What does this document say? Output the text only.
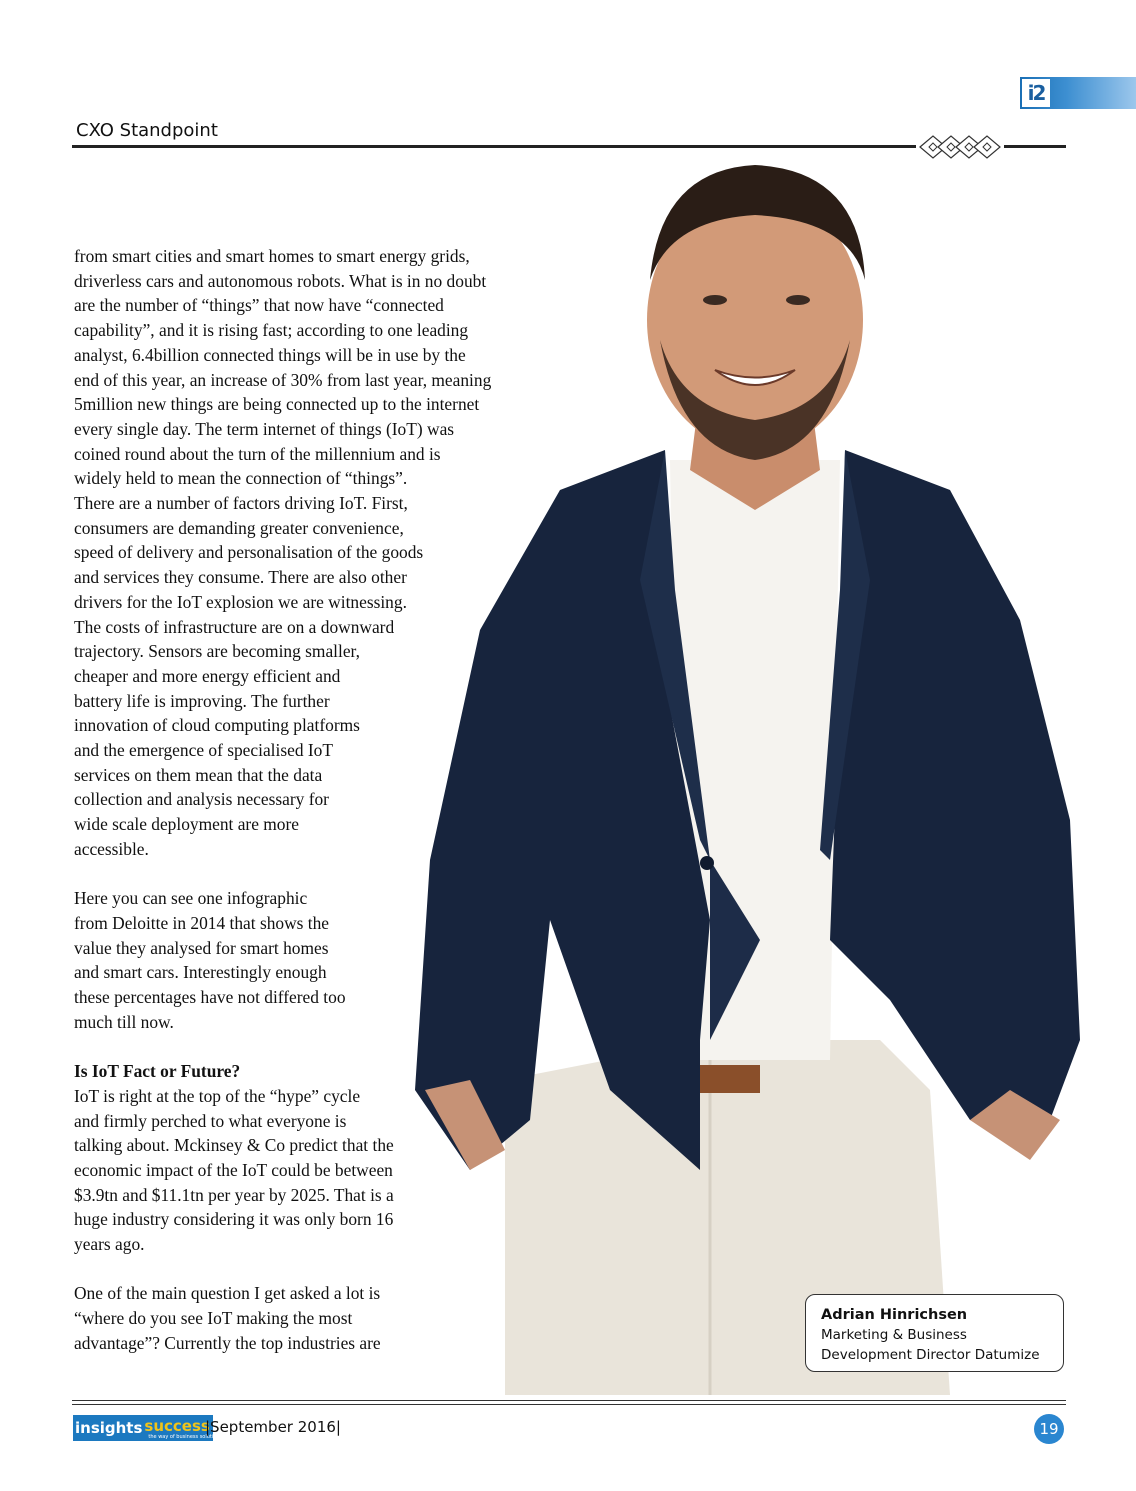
i2
CXO Standpoint

from smart cities and smart homes to smart energy grids,

driverless cars and autonomous robots. What is in no doubt

are the number of “things” that now have “connected

capability”, and it is rising fast; according to one leading

analyst, 6.4billion connected things will be in use by the

end of this year, an increase of 30% from last year, meaning

5million new things are being connected up to the internet

every single day. The term internet of things (IoT) was

coined round about the turn of the millennium and is

widely held to mean the connection of “things”.

There are a number of factors driving IoT. First,

consumers are demanding greater convenience,

speed of delivery and personalisation of the goods

and services they consume. There are also other

drivers for the IoT explosion we are witnessing.

The costs of infrastructure are on a downward

trajectory. Sensors are becoming smaller,

cheaper and more energy efficient and

battery life is improving. The further

innovation of cloud computing platforms

and the emergence of specialised IoT

services on them mean that the data

collection and analysis necessary for

wide scale deployment are more

accessible.

Here you can see one infographic

from Deloitte in 2014 that shows the

value they analysed for smart homes

and smart cars. Interestingly enough

these percentages have not differed too

much till now.

Is IoT Fact or Future?

IoT is right at the top of the “hype” cycle

and firmly perched to what everyone is

talking about. Mckinsey & Co predict that the

economic impact of the IoT could be between

$3.9tn and $11.1tn per year by 2025. That is a

huge industry considering it was only born 16

years ago.

One of the main question I get asked a lot is

“where do you see IoT making the most

advantage”? Currently the top industries are

Adrian Hinrichsen
Marketing & Business
Development Director Datumize
insights success
the way of business solutions
|September 2016|	19
